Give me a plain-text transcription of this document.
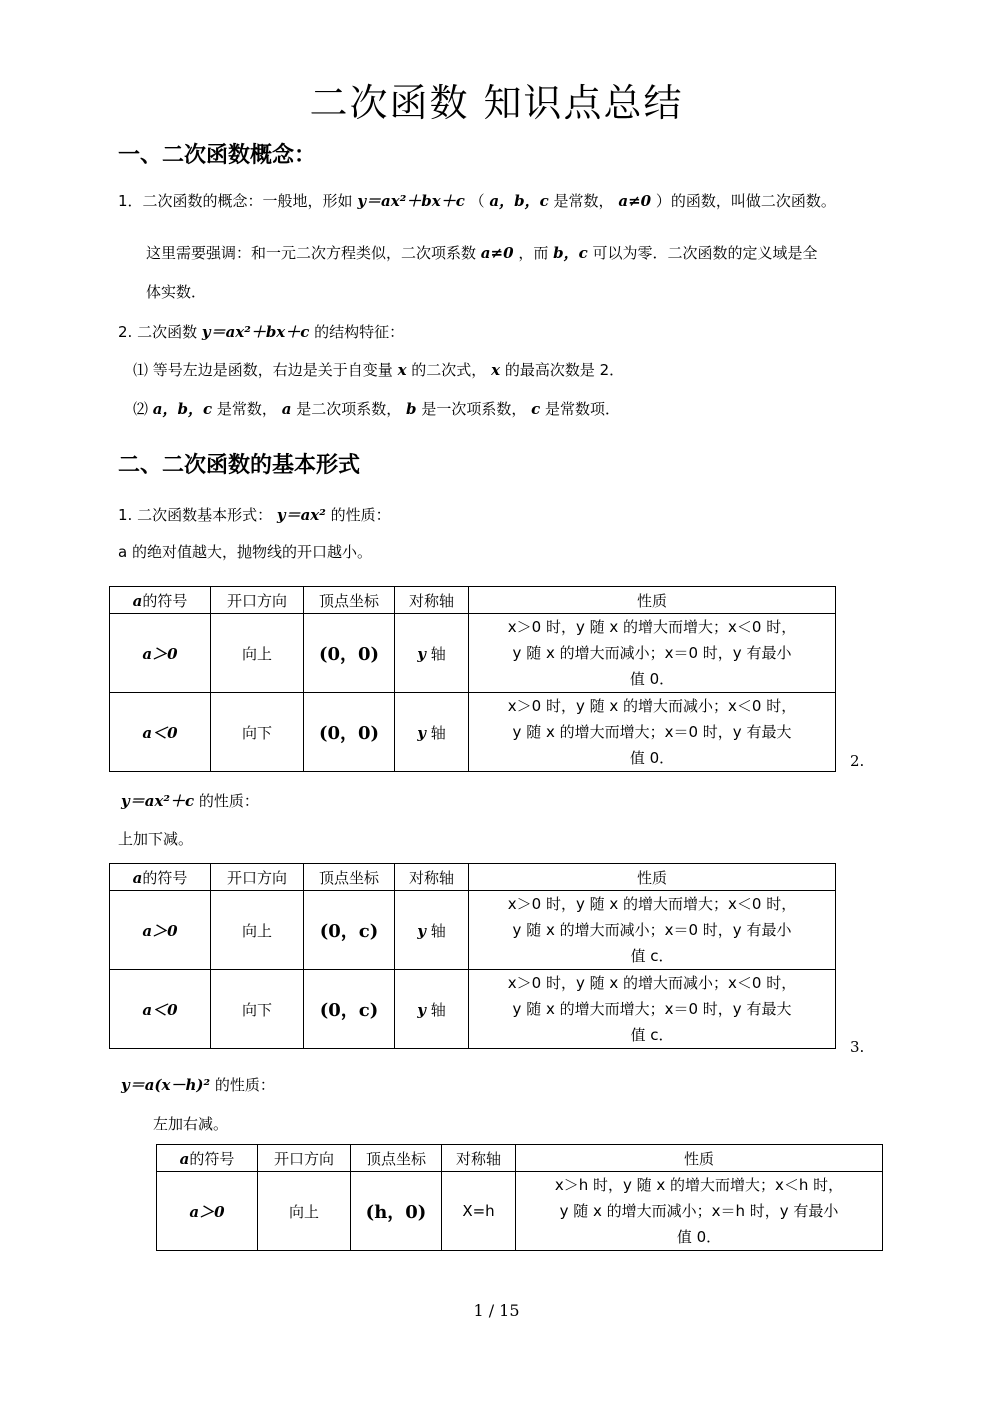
二次函数 知识点总结
一、二次函数概念：
1．二次函数的概念：一般地，形如 y＝ax²＋bx＋c （ a，b，c 是常数， a≠0 ）的函数，叫做二次函数。
这里需要强调：和一元二次方程类似，二次项系数 a≠0 ，而 b，c 可以为零．二次函数的定义域是全
体实数．
2. 二次函数 y＝ax²＋bx＋c 的结构特征：
⑴ 等号左边是函数，右边是关于自变量 x 的二次式， x 的最高次数是 2．
⑵ a，b，c 是常数， a 是二次项系数， b 是一次项系数， c 是常数项．
二、二次函数的基本形式
1. 二次函数基本形式： y＝ax² 的性质：
a 的绝对值越大，抛物线的开口越小。
a的符号	开口方向	顶点坐标	对称轴	性质
a＞0	向上	(0，0)	y 轴	x＞0 时，y 随 x 的增大而增大；x＜0 时，
y 随 x 的增大而减小；x＝0 时，y 有最小
值 0．

a＜0	向下	(0，0)	y 轴	x＞0 时，y 随 x 的增大而减小；x＜0 时，
y 随 x 的增大而增大；x＝0 时，y 有最大
值 0．	2.
y＝ax²＋c 的性质：
上加下减。
a的符号	开口方向	顶点坐标	对称轴	性质
a＞0	向上	(0，c)	y 轴	x＞0 时，y 随 x 的增大而增大；x＜0 时，
y 随 x 的增大而减小；x＝0 时，y 有最小
值 c．

a＜0	向下	(0，c)	y 轴	x＞0 时，y 随 x 的增大而减小；x＜0 时，
y 随 x 的增大而增大；x＝0 时，y 有最大
值 c．
3.
y＝a(x－h)² 的性质：
左加右减。
a的符号	开口方向	顶点坐标	对称轴	性质
a＞0	向上	(h，0)	X=h	x＞h 时，y 随 x 的增大而增大；x＜h 时，
y 随 x 的增大而减小；x＝h 时，y 有最小
值 0．
1 / 15
